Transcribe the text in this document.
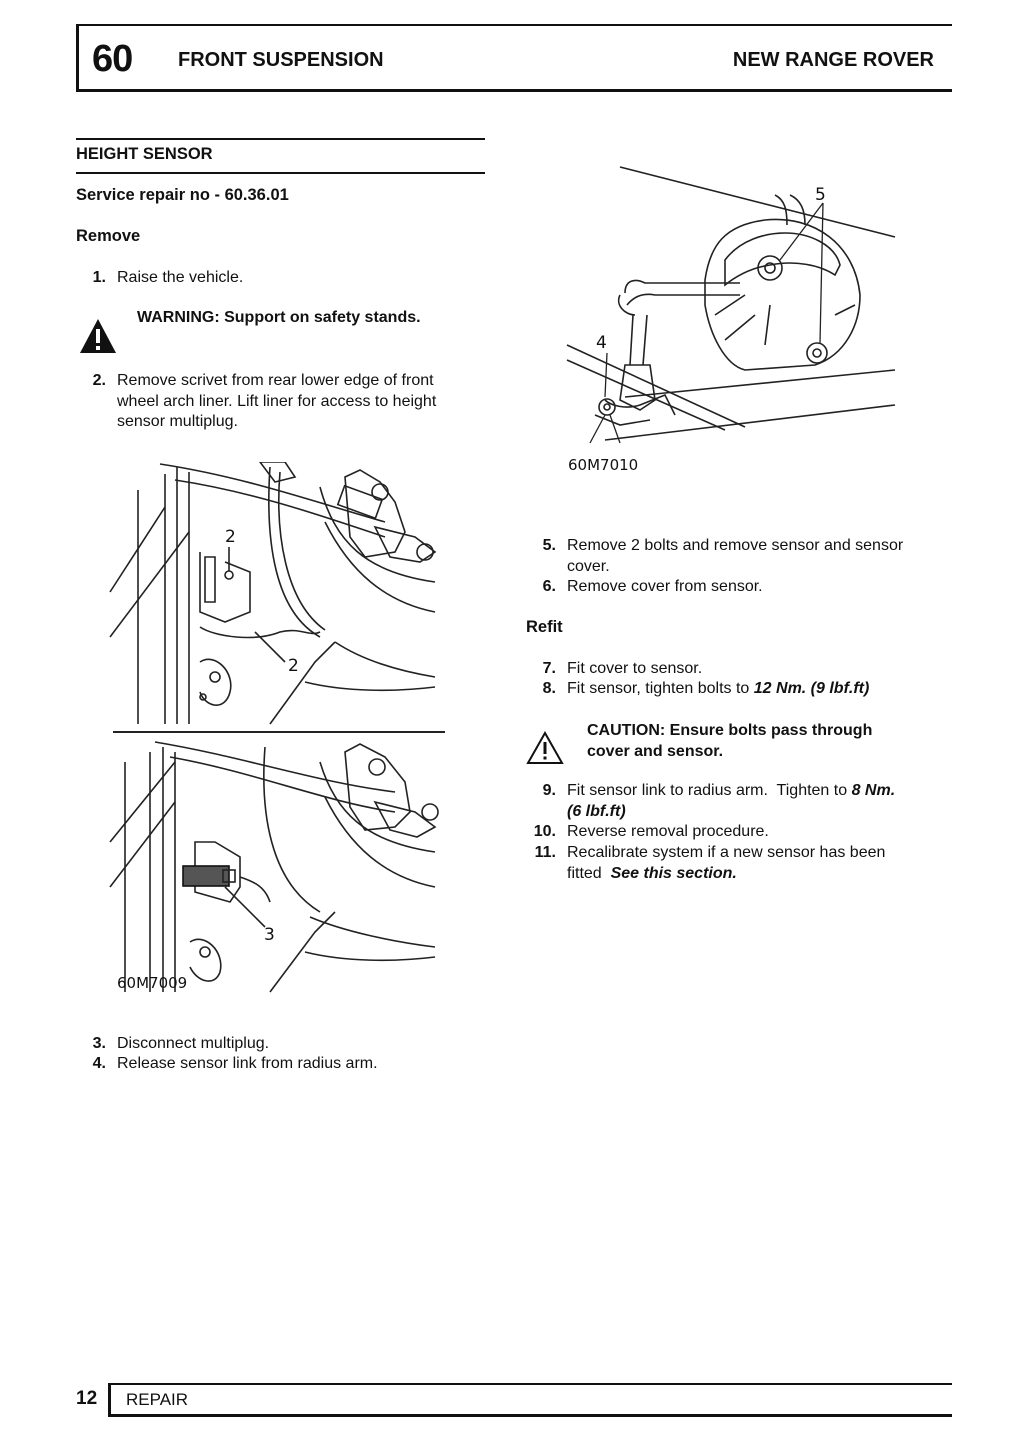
60 FRONT SUSPENSION	NEW RANGE ROVER
HEIGHT SENSOR
Service repair no - 60.36.01
Remove
1. Raise the vehicle.
WARNING: Support on safety stands.
2. Remove scrivet from rear lower edge of front
wheel arch liner. Lift liner for access to height
sensor multiplug.
2
2
3
60M7009
3. Disconnect multiplug.
4. Release sensor link from radius arm.
5
4
60M7010
5. Remove 2 bolts and remove sensor and sensor
cover.
6. Remove cover from sensor.
Refit
7. Fit cover to sensor.
8. Fit sensor, tighten bolts to 12 Nm. (9 lbf.ft)
CAUTION: Ensure bolts pass through
cover and sensor.
9. Fit sensor link to radius arm.  Tighten to 8 Nm.
(6 lbf.ft)
10. Reverse removal procedure.
11. Recalibrate system if a new sensor has been
fitted  See this section.
12 REPAIR
